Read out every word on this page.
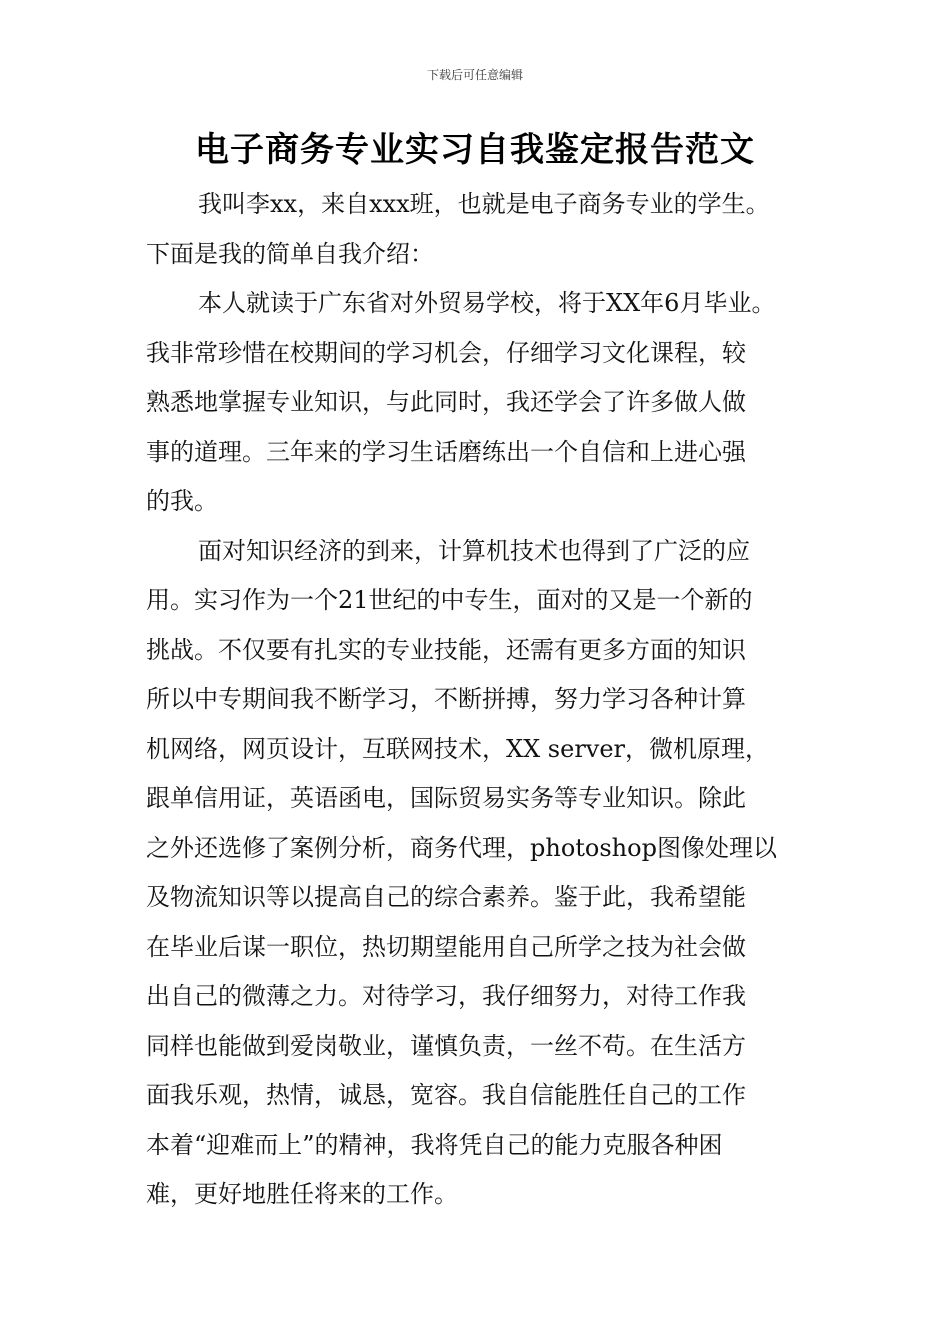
下载后可任意编辑
电子商务专业实习自我鉴定报告范文
我叫李xx，来自xxx班，也就是电子商务专业的学生。
下面是我的简单自我介绍：
本人就读于广东省对外贸易学校，将于XX年6月毕业。
我非常珍惜在校期间的学习机会，仔细学习文化课程，较
熟悉地掌握专业知识，与此同时，我还学会了许多做人做
事的道理。三年来的学习生话磨练出一个自信和上进心强
的我。
面对知识经济的到来，计算机技术也得到了广泛的应
用。实习作为一个21世纪的中专生，面对的又是一个新的
挑战。不仅要有扎实的专业技能，还需有更多方面的知识
所以中专期间我不断学习，不断拼搏，努力学习各种计算
机网络，网页设计，互联网技术，XX server，微机原理，
跟单信用证，英语函电，国际贸易实务等专业知识。除此
之外还选修了案例分析，商务代理，photoshop图像处理以
及物流知识等以提高自己的综合素养。鉴于此，我希望能
在毕业后谋一职位，热切期望能用自己所学之技为社会做
出自己的微薄之力。对待学习，我仔细努力，对待工作我
同样也能做到爱岗敬业，谨慎负责，一丝不苟。在生活方
面我乐观，热情，诚恳，宽容。我自信能胜任自己的工作
本着“迎难而上”的精神，我将凭自己的能力克服各种困
难，更好地胜任将来的工作。
